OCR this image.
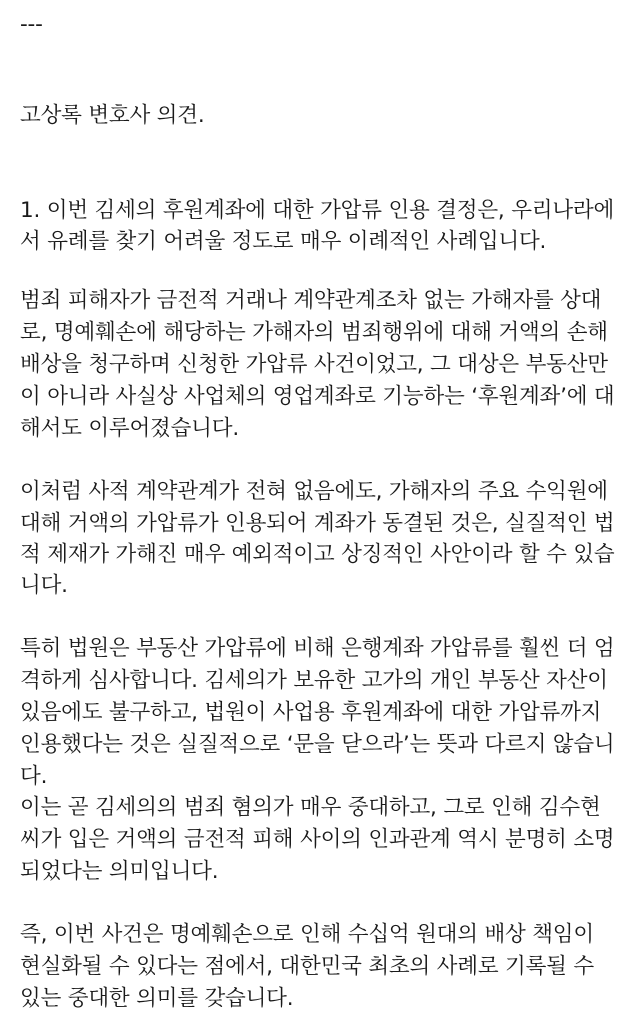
---
고상록 변호사 의견.
1. 이번 김세의 후원계좌에 대한 가압류 인용 결정은, 우리나라에
서 유례를 찾기 어려울 정도로 매우 이례적인 사례입니다.
범죄 피해자가 금전적 거래나 계약관계조차 없는 가해자를 상대
로, 명예훼손에 해당하는 가해자의 범죄행위에 대해 거액의 손해
배상을 청구하며 신청한 가압류 사건이었고, 그 대상은 부동산만
이 아니라 사실상 사업체의 영업계좌로 기능하는 ‘후원계좌’에 대
해서도 이루어졌습니다.
이처럼 사적 계약관계가 전혀 없음에도, 가해자의 주요 수익원에
대해 거액의 가압류가 인용되어 계좌가 동결된 것은, 실질적인 법
적 제재가 가해진 매우 예외적이고 상징적인 사안이라 할 수 있습
니다.
특히 법원은 부동산 가압류에 비해 은행계좌 가압류를 훨씬 더 엄
격하게 심사합니다. 김세의가 보유한 고가의 개인 부동산 자산이
있음에도 불구하고, 법원이 사업용 후원계좌에 대한 가압류까지
인용했다는 것은 실질적으로 ‘문을 닫으라’는 뜻과 다르지 않습니
다.
이는 곧 김세의의 범죄 혐의가 매우 중대하고, 그로 인해 김수현
씨가 입은 거액의 금전적 피해 사이의 인과관계 역시 분명히 소명
되었다는 의미입니다.
즉, 이번 사건은 명예훼손으로 인해 수십억 원대의 배상 책임이
현실화될 수 있다는 점에서, 대한민국 최초의 사례로 기록될 수
있는 중대한 의미를 갖습니다.
